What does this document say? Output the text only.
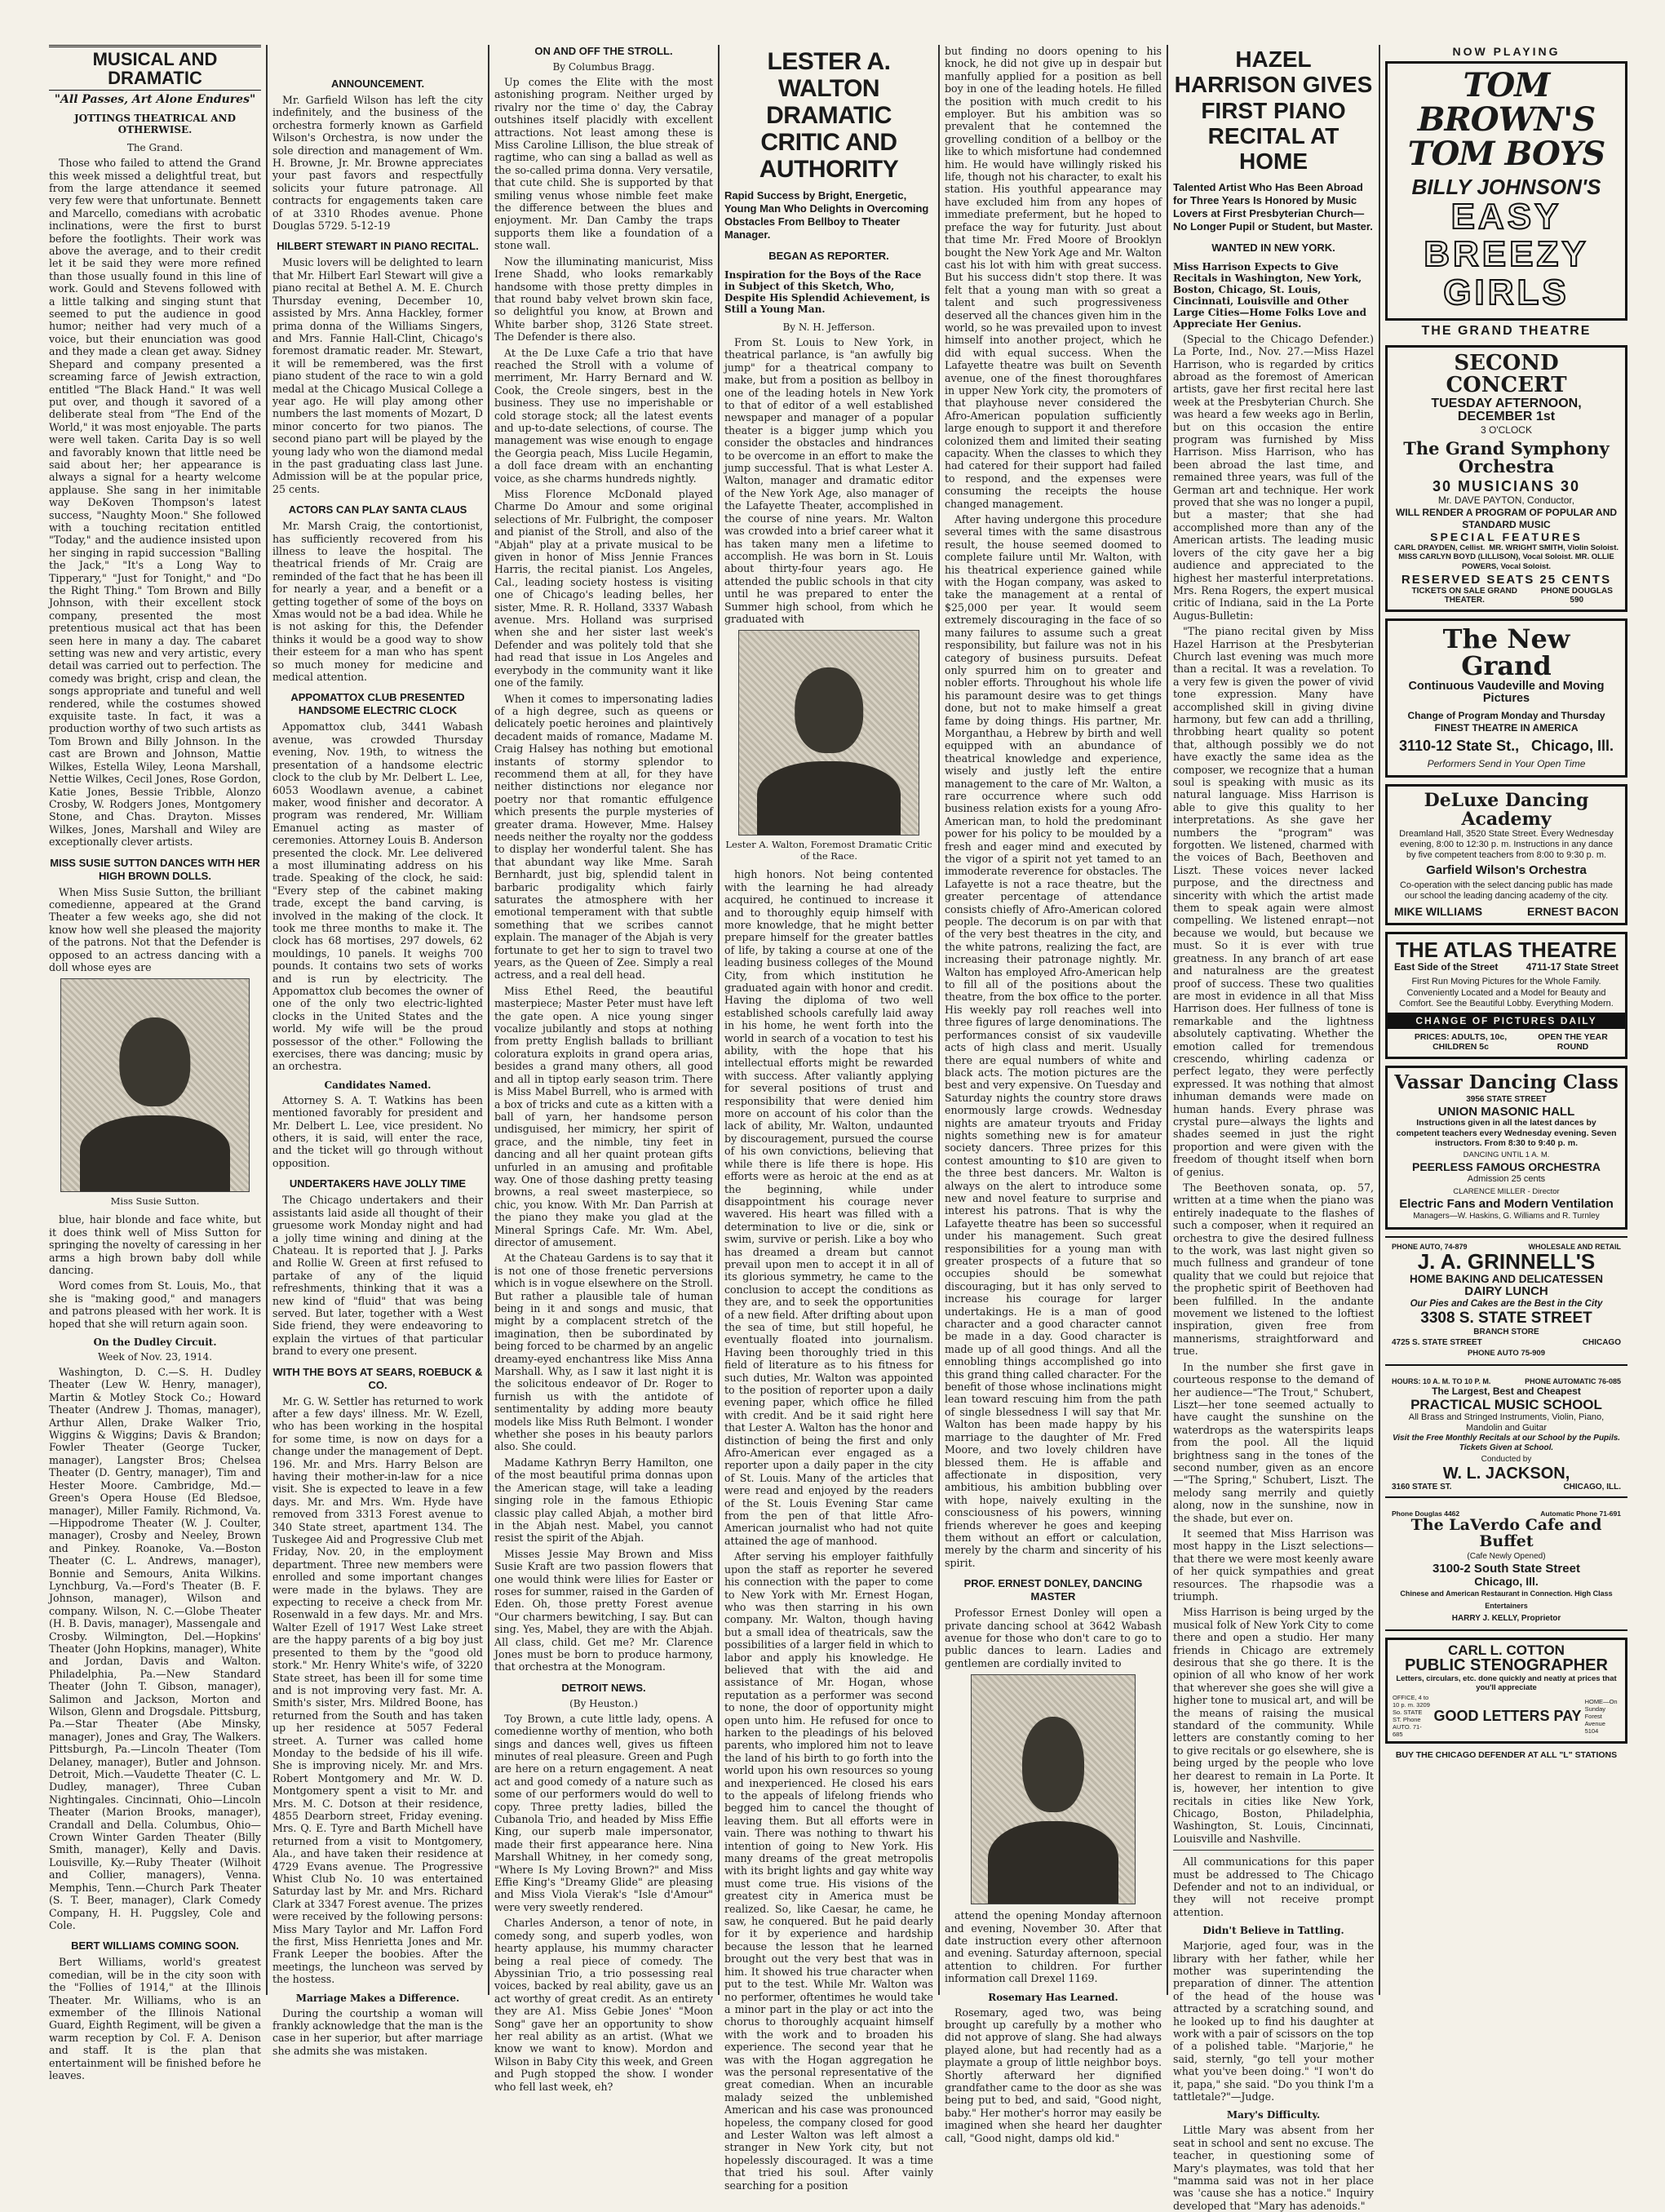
MUSICAL AND DRAMATIC
"All Passes, Art Alone Endures"
JOTTINGS THEATRICAL AND OTHERWISE.
The Grand.

Those who failed to attend the Grand this week missed a delightful treat, but from the large attendance it seemed very few were that unfortunate. Bennett and Marcello, comedians with acrobatic inclinations, were the first to burst before the footlights. Their work was above the average, and to their credit let it be said they were more refined than those usually found in this line of work. Gould and Stevens followed with a little talking and singing stunt that seemed to put the audience in good humor; neither had very much of a voice, but their enunciation was good and they made a clean get away. Sidney Shepard and company presented a screaming farce of Jewish extraction, entitled "The Black Hand." It was well put over, and though it savored of a deliberate steal from "The End of the World," it was most enjoyable. The parts were well taken. Carita Day is so well and favorably known that little need be said about her; her appearance is always a signal for a hearty welcome applause. She sang in her inimitable way DeKoven Thompson's latest success, "Naughty Moon." She followed with a touching recitation entitled "Today," and the audience insisted upon her singing in rapid succession "Balling the Jack," "It's a Long Way to Tipperary," "Just for Tonight," and "Do the Right Thing." Tom Brown and Billy Johnson, with their excellent stock company, presented the most pretentious musical act that has been seen here in many a day. The cabaret setting was new and very artistic, every detail was carried out to perfection. The comedy was bright, crisp and clean, the songs appropriate and tuneful and well rendered, while the costumes showed exquisite taste. In fact, it was a production worthy of two such artists as Tom Brown and Billy Johnson. In the cast are Brown and Johnson, Mattie Wilkes, Estella Wiley, Leona Marshall, Nettie Wilkes, Cecil Jones, Rose Gordon, Katie Jones, Bessie Tribble, Alonzo Crosby, W. Rodgers Jones, Montgomery Stone, and Chas. Drayton. Misses Wilkes, Jones, Marshall and Wiley are exceptionally clever artists.

MISS SUSIE SUTTON DANCES WITH HER HIGH BROWN DOLLS.

When Miss Susie Sutton, the brilliant comedienne, appeared at the Grand Theater a few weeks ago, she did not know how well she pleased the majority of the patrons. Not that the Defender is opposed to an actress dancing with a doll whose eyes are

Miss Susie Sutton.

blue, hair blonde and face white, but it does think well of Miss Sutton for springing the novelty of caressing in her arms a high brown baby doll while dancing.

Word comes from St. Louis, Mo., that she is "making good," and managers and patrons pleased with her work. It is hoped that she will return again soon.

On the Dudley Circuit.
Week of Nov. 23, 1914.

Washington, D. C.—S. H. Dudley Theater (Lew W. Henry, manager), Martin & Motley Stock Co.; Howard Theater (Andrew J. Thomas, manager), Arthur Allen, Drake Walker Trio, Wiggins & Wiggins; Davis & Brandon; Fowler Theater (George Tucker, manager), Langster Bros; Chelsea Theater (D. Gentry, manager), Tim and Hester Moore. Cambridge, Md.—Green's Opera House (Ed Bledsoe, manager), Miller Family. Richmond, Va.—Hippodrome Theater (W. J. Coulter, manager), Crosby and Neeley, Brown and Pinkey. Roanoke, Va.—Boston Theater (C. L. Andrews, manager), Bonnie and Semours, Anita Wilkins. Lynchburg, Va.—Ford's Theater (B. F. Johnson, manager), Wilson and company. Wilson, N. C.—Globe Theater (H. B. Davis, manager), Massengale and Crosby. Wilmington, Del.—Hopkins' Theater (John Hopkins, manager), White and Jordan, Davis and Walton. Philadelphia, Pa.—New Standard Theater (John T. Gibson, manager), Salimon and Jackson, Morton and Wilson, Glenn and Drogsdale. Pittsburg, Pa.—Star Theater (Abe Minsky, manager), Jones and Gray, The Walkers. Pittsburgh, Pa.—Lincoln Theater (Tom Delaney, manager), Butler and Johnson. Detroit, Mich.—Vaudette Theater (C. L. Dudley, manager), Three Cuban Nightingales. Cincinnati, Ohio—Lincoln Theater (Marion Brooks, manager), Crandall and Della. Columbus, Ohio—Crown Winter Garden Theater (Billy Smith, manager), Kelly and Davis. Louisville, Ky.—Ruby Theater (Wilhoit and Collier, managers), Venna. Memphis, Tenn.—Church Park Theater (S. T. Beer, manager), Clark Comedy Company, H. H. Puggsley, Cole and Cole.

BERT WILLIAMS COMING SOON.

Bert Williams, world's greatest comedian, will be in the city soon with the "Follies of 1914," at the Illinois Theater. Mr. Williams, who is an exmember of the Illinois National Guard, Eighth Regiment, will be given a warm reception by Col. F. A. Denison and staff. It is the plan that entertainment will be finished before he leaves.

ANNOUNCEMENT.

Mr. Garfield Wilson has left the city indefinitely, and the business of the orchestra formerly known as Garfield Wilson's Orchestra, is now under the sole direction and management of Wm. H. Browne, Jr. Mr. Browne appreciates your past favors and respectfully solicits your future patronage. All contracts for engagements taken care of at 3310 Rhodes avenue. Phone Douglas 5729. 5-12-19

HILBERT STEWART IN PIANO RECITAL.

Music lovers will be delighted to learn that Mr. Hilbert Earl Stewart will give a piano recital at Bethel A. M. E. Church Thursday evening, December 10, assisted by Mrs. Anna Hackley, former prima donna of the Williams Singers, and Mrs. Fannie Hall-Clint, Chicago's foremost dramatic reader. Mr. Stewart, it will be remembered, was the first piano student of the race to win a gold medal at the Chicago Musical College a year ago. He will play among other numbers the last moments of Mozart, D minor concerto for two pianos. The second piano part will be played by the young lady who won the diamond medal in the past graduating class last June. Admission will be at the popular price, 25 cents.

ACTORS CAN PLAY SANTA CLAUS

Mr. Marsh Craig, the contortionist, has sufficiently recovered from his illness to leave the hospital. The theatrical friends of Mr. Craig are reminded of the fact that he has been ill for nearly a year, and a benefit or a getting together of some of the boys on Xmas would not be a bad idea. While he is not asking for this, the Defender thinks it would be a good way to show their esteem for a man who has spent so much money for medicine and medical attention.

APPOMATTOX CLUB PRESENTED HANDSOME ELECTRIC CLOCK

Appomattox club, 3441 Wabash avenue, was crowded Thursday evening, Nov. 19th, to witness the presentation of a handsome electric clock to the club by Mr. Delbert L. Lee, 6053 Woodlawn avenue, a cabinet maker, wood finisher and decorator. A program was rendered, Mr. William Emanuel acting as master of ceremonies. Attorney Louis B. Anderson presented the clock. Mr. Lee delivered a most illuminating address on his trade. Speaking of the clock, he said: "Every step of the cabinet making trade, except the band carving, is involved in the making of the clock. It took me three months to make it. The clock has 68 mortises, 297 dowels, 62 mouldings, 10 panels. It weighs 700 pounds. It contains two sets of works and is run by electricity. The Appomattox club becomes the owner of one of the only two electric-lighted clocks in the United States and the world. My wife will be the proud possessor of the other." Following the exercises, there was dancing; music by an orchestra.

Candidates Named.

Attorney S. A. T. Watkins has been mentioned favorably for president and Mr. Delbert L. Lee, vice president. No others, it is said, will enter the race, and the ticket will go through without opposition.

UNDERTAKERS HAVE JOLLY TIME

The Chicago undertakers and their assistants laid aside all thought of their gruesome work Monday night and had a jolly time wining and dining at the Chateau. It is reported that J. J. Parks and Rollie W. Green at first refused to partake of any of the liquid refreshments, thinking that it was a new kind of "fluid" that was being served. But later, together with a West Side friend, they were endeavoring to explain the virtues of that particular brand to every one present.

WITH THE BOYS AT SEARS, ROEBUCK & CO.

Mr. G. W. Settler has returned to work after a few days' illness. Mr. W. Ezell, who has been working in the hospital for some time, is now on days for a change under the management of Dept. 196. Mr. and Mrs. Harry Belson are having their mother-in-law for a nice visit. She is expected to leave in a few days. Mr. and Mrs. Wm. Hyde have removed from 3313 Forest avenue to 340 State street, apartment 134. The Tuskegee Aid and Progressive Club met Friday, Nov. 20, in the employment department. Three new members were enrolled and some important changes were made in the bylaws. They are expecting to receive a check from Mr. Rosenwald in a few days. Mr. and Mrs. Walter Ezell of 1917 West Lake street are the happy parents of a big boy just presented to them by the "good old stork." Mr. Henry White's wife, of 3220 State street, has been ill for some time and is not improving very fast. Mr. A. Smith's sister, Mrs. Mildred Boone, has returned from the South and has taken up her residence at 5057 Federal street. A. Turner was called home Monday to the bedside of his ill wife. She is improving nicely. Mr. and Mrs. Robert Montgomery and Mr. W. D. Montgomery spent a visit to Mr. and Mrs. M. C. Dotson at their residence, 4855 Dearborn street, Friday evening. Mrs. Q. E. Tyre and Barth Michell have returned from a visit to Montgomery, Ala., and have taken their residence at 4729 Evans avenue. The Progressive Whist Club No. 10 was entertained Saturday last by Mr. and Mrs. Richard Clark at 3347 Forest avenue. The prizes were received by the following persons: Miss Mary Taylor and Mr. Laffon Ford the first, Miss Henrietta Jones and Mr. Frank Leeper the boobies. After the meetings, the luncheon was served by the hostess.

Marriage Makes a Difference.

During the courtship a woman will frankly acknowledge that the man is the case in her superior, but after marriage she admits she was mistaken.

ON AND OFF THE STROLL.
By Columbus Bragg.

Up comes the Elite with the most astonishing program. Neither urged by rivalry nor the time o' day, the Cabray outshines itself placidly with excellent attractions. Not least among these is Miss Caroline Lillison, the blue streak of ragtime, who can sing a ballad as well as the so-called prima donna. Very versatile, that cute child. She is supported by that smiling venus whose nimble feet make the difference between the blues and enjoyment. Mr. Dan Camby the traps supports them like a foundation of a stone wall.

Now the illuminating manicurist, Miss Irene Shadd, who looks remarkably handsome with those pretty dimples in that round baby velvet brown skin face, so delightful you know, at Brown and White barber shop, 3126 State street. The Defender is there also.

At the De Luxe Cafe a trio that have reached the Stroll with a volume of merriment, Mr. Harry Bernard and W. Cook, the Creole singers, best in the business. They use no imperishable or cold storage stock; all the latest events and up-to-date selections, of course. The management was wise enough to engage the Georgia peach, Miss Lucile Hegamin, a doll face dream with an enchanting voice, as she charms hundreds nightly.

Miss Florence McDonald played Charme Do Amour and some original selections of Mr. Fulbright, the composer and pianist of the Stroll, and also of the "Abjah" play at a private musical to be given in honor of Miss Jennie Frances Harris, the recital pianist. Los Angeles, Cal., leading society hostess is visiting one of Chicago's leading belles, her sister, Mme. R. R. Holland, 3337 Wabash avenue. Mrs. Holland was surprised when she and her sister last week's Defender and was politely told that she had read that issue in Los Angeles and everybody in the community want it like one of the family.

When it comes to impersonating ladies of a high degree, such as queens or delicately poetic heroines and plaintively decadent maids of romance, Madame M. Craig Halsey has nothing but emotional instants of stormy splendor to recommend them at all, for they have neither distinctions nor elegance nor poetry nor that romantic effulgence which presents the purple mysteries of greater drama. However, Mme. Halsey needs neither the royalty nor the goddess to display her wonderful talent. She has that abundant way like Mme. Sarah Bernhardt, just big, splendid talent in barbaric prodigality which fairly saturates the atmosphere with her emotional temperament with that subtle something that we scribes cannot explain. The manager of the Abjah is very fortunate to get her to sign to travel two years, as the Queen of Zee. Simply a real actress, and a real dell head.

Miss Ethel Reed, the beautiful masterpiece; Master Peter must have left the gate open. A nice young singer vocalize jubilantly and stops at nothing from pretty English ballads to brilliant coloratura exploits in grand opera arias, besides a grand many others, all good and all in tiptop early season trim. There is Miss Mabel Burrell, who is armed with a box of tricks and cute as a kitten with a ball of yarn, her handsome person undisguised, her mimicry, her spirit of grace, and the nimble, tiny feet in dancing and all her quaint protean gifts unfurled in an amusing and profitable way. One of those dashing pretty teasing browns, a real sweet masterpiece, so chic, you know. With Mr. Dan Parrish at the piano they make you glad at the Mineral Springs Cafe. Mr. Wm. Abel, director of amusement.

At the Chateau Gardens is to say that it is not one of those frenetic perversions which is in vogue elsewhere on the Stroll. But rather a plausible tale of human being in it and songs and music, that might by a complacent stretch of the imagination, then be subordinated by being forced to be charmed by an angelic dreamy-eyed enchantress like Miss Anna Marshall. Why, as I saw it last night it is the solicitous endeavor of Dr. Roger to furnish us with the antidote of sentimentality by adding more beauty models like Miss Ruth Belmont. I wonder whether she poses in his beauty parlors also. She could.

Madame Kathryn Berry Hamilton, one of the most beautiful prima donnas upon the American stage, will take a leading singing role in the famous Ethiopic classic play called Abjah, a mother bird in the Abjah nest. Mabel, you cannot resist the spirit of the Abjah.

Misses Jessie May Brown and Miss Susie Kraft are two passion flowers that one would think were lilies for Easter or roses for summer, raised in the Garden of Eden. Oh, those pretty Forest avenue "Our charmers bewitching, I say. But can sing. Yes, Mabel, they are with the Abjah. All class, child. Get me? Mr. Clarence Jones must be born to produce harmony, that orchestra at the Monogram.

DETROIT NEWS.
(By Heuston.)

Toy Brown, a cute little lady, opens. A comedienne worthy of mention, who both sings and dances well, gives us fifteen minutes of real pleasure. Green and Pugh are here on a return engagement. A neat act and good comedy of a nature such as some of our performers would do well to copy. Three pretty ladies, billed the Cubanola Trio, and headed by Miss Effie King, our superb male impersonator, made their first appearance here. Nina Marshall Whitney, in her comedy song, "Where Is My Loving Brown?" and Miss Effie King's "Dreamy Glide" are pleasing and Miss Viola Vierak's "Isle d'Amour" were very sweetly rendered.

Charles Anderson, a tenor of note, in comedy song, and superb yodles, won hearty applause, his mummy character being a real piece of comedy. The Abyssinian Trio, a trio possessing real voices, backed by real ability, gave us an act worthy of great credit. As an entirety they are A1. Miss Gebie Jones' "Moon Song" gave her an opportunity to show her real ability as an artist. (What we know we want to know). Mordon and Wilson in Baby City this week, and Green and Pugh stopped the show. I wonder who fell last week, eh?

LESTER A. WALTON DRAMATIC CRITIC AND AUTHORITY
Rapid Success by Bright, Energetic, Young Man Who Delights in Overcoming Obstacles From Bellboy to Theater Manager.
BEGAN AS REPORTER.
Inspiration for the Boys of the Race in Subject of this Sketch, Who, Despite His Splendid Achievement, is Still a Young Man.
By N. H. Jefferson.

From St. Louis to New York, in theatrical parlance, is "an awfully big jump" for a theatrical company to make, but from a position as bellboy in one of the leading hotels in New York to that of editor of a well established newspaper and manager of a popular theater is a bigger jump which you consider the obstacles and hindrances to be overcome in an effort to make the jump successful. That is what Lester A. Walton, manager and dramatic editor of the New York Age, also manager of the Lafayette Theater, accomplished in the course of nine years. Mr. Walton was crowded into a brief career what it has taken many men a lifetime to accomplish. He was born in St. Louis about thirty-four years ago. He attended the public schools in that city until he was prepared to enter the Summer high school, from which he graduated with

Lester A. Walton, Foremost Dramatic Critic of the Race.

high honors. Not being contented with the learning he had already acquired, he continued to increase it and to thoroughly equip himself with more knowledge, that he might better prepare himself for the greater battles of life, by taking a course at one of the leading business colleges of the Mound City, from which institution he graduated again with honor and credit. Having the diploma of two well established schools carefully laid away in his home, he went forth into the world in search of a vocation to test his ability, with the hope that his intellectual efforts might be rewarded with success. After valiantly applying for several positions of trust and responsibility that were denied him more on account of his color than the lack of ability, Mr. Walton, undaunted by discouragement, pursued the course of his own convictions, believing that while there is life there is hope. His efforts were as heroic at the end as at the beginning, while under disappointment his courage never wavered. His heart was filled with a determination to live or die, sink or swim, survive or perish. Like a boy who has dreamed a dream but cannot prevail upon men to accept it in all of its glorious symmetry, he came to the conclusion to accept the conditions as they are, and to seek the opportunities of a new field. After drifting about upon the sea of time, but still hopeful, he eventually floated into journalism. Having been thoroughly tried in this field of literature as to his fitness for such duties, Mr. Walton was appointed to the position of reporter upon a daily evening paper, which office he filled with credit. And be it said right here that Lester A. Walton has the honor and distinction of being the first and only Afro-American ever engaged as a reporter upon a daily paper in the city of St. Louis. Many of the articles that were read and enjoyed by the readers of the St. Louis Evening Star came from the pen of that little Afro-American journalist who had not quite attained the age of manhood.

After serving his employer faithfully upon the staff as reporter he severed his connection with the paper to come to New York with Mr. Ernest Hogan, who was then starring in his own company. Mr. Walton, though having but a small idea of theatricals, saw the possibilities of a larger field in which to labor and apply his knowledge. He believed that with the aid and assistance of Mr. Hogan, whose reputation as a performer was second to none, the door of opportunity might open unto him. He refused for once to harken to the pleadings of his beloved parents, who implored him not to leave the land of his birth to go forth into the world upon his own resources so young and inexperienced. He closed his ears to the appeals of lifelong friends who begged him to cancel the thought of leaving them. But all efforts were in vain. There was nothing to thwart his intention of going to New York. His many dreams of the great metropolis with its bright lights and gay white way must come true. His visions of the greatest city in America must be realized. So, like Caesar, he came, he saw, he conquered. But he paid dearly for it by experience and hardship because the lesson that he learned brought out the very best that was in him. It showed his true character when put to the test. While Mr. Walton was no performer, oftentimes he would take a minor part in the play or act into the chorus to thoroughly acquaint himself with the work and to broaden his experience. The second year that he was with the Hogan aggregation he was the personal representative of the great comedian. When an incurable malady seized the unblemished American and his case was pronounced hopeless, the company closed for good and Lester Walton was left almost a stranger in New York city, but not hopelessly discouraged. It was a time that tried his soul. After vainly searching for a position

but finding no doors opening to his knock, he did not give up in despair but manfully applied for a position as bell boy in one of the leading hotels. He filled the position with much credit to his employer. But his ambition was so prevalent that he contemned the grovelling condition of a bellboy or the like to which misfortune had condemned him. He would have willingly risked his life, though not his character, to exalt his station. His youthful appearance may have excluded him from any hopes of immediate preferment, but he hoped to preface the way for futurity. Just about that time Mr. Fred Moore of Brooklyn bought the New York Age and Mr. Walton cast his lot with him with great success. But his success didn't stop there. It was felt that a young man with so great a talent and such progressiveness deserved all the chances given him in the world, so he was prevailed upon to invest himself into another project, which he did with equal success. When the Lafayette theatre was built on Seventh avenue, one of the finest thoroughfares in upper New York city, the promoters of that playhouse never considered the Afro-American population sufficiently large enough to support it and therefore colonized them and limited their seating capacity. When the classes to which they had catered for their support had failed to respond, and the expenses were consuming the receipts the house changed management.

After having undergone this procedure several times with the same disastrous result, the house seemed doomed to complete failure until Mr. Walton, with his theatrical experience gained while with the Hogan company, was asked to take the management at a rental of $25,000 per year. It would seem extremely discouraging in the face of so many failures to assume such a great responsibility, but failure was not in his category of business pursuits. Defeat only spurred him on to greater and nobler efforts. Throughout his whole life his paramount desire was to get things done, but not to make himself a great fame by doing things. His partner, Mr. Morganthau, a Hebrew by birth and well equipped with an abundance of theatrical knowledge and experience, wisely and justly left the entire management to the care of Mr. Walton, a rare occurrence where such odd business relation exists for a young Afro-American man, to hold the predominant power for his policy to be moulded by a fresh and eager mind and executed by the vigor of a spirit not yet tamed to an immoderate reverence for obstacles. The Lafayette is not a race theatre, but the greater percentage of attendance consists chiefly of Afro-American colored people. The decorum is on par with that of the very best theatres in the city, and the white patrons, realizing the fact, are increasing their patronage nightly. Mr. Walton has employed Afro-American help to fill all of the positions about the theatre, from the box office to the porter. His weekly pay roll reaches well into three figures of large denominations. The performances consist of six vaudeville acts of high class and merit. Usually there are equal numbers of white and black acts. The motion pictures are the best and very expensive. On Tuesday and Saturday nights the country store draws enormously large crowds. Wednesday nights are amateur tryouts and Friday nights something new is for amateur society dancers. Three prizes for this contest amounting to $10 are given to the three best dancers. Mr. Walton is always on the alert to introduce some new and novel feature to surprise and interest his patrons. That is why the Lafayette theatre has been so successful under his management. Such great responsibilities for a young man with greater prospects of a future that so occupies should be somewhat discouraging, but it has only served to increase his courage for larger undertakings. He is a man of good character and a good character cannot be made in a day. Good character is made up of all good things. And all the ennobling things accomplished go into this grand thing called character. For the benefit of those whose inclinations might lean toward rescuing him from the path of single blessedness I will say that Mr. Walton has been made happy by his marriage to the daughter of Mr. Fred Moore, and two lovely children have blessed them. He is affable and affectionate in disposition, very ambitious, his ambition bubbling over with hope, naively exulting in the consciousness of his powers, winning friends wherever he goes and keeping them without an effort or calculation, merely by the charm and sincerity of his spirit.

PROF. ERNEST DONLEY, DANCING MASTER

Professor Ernest Donley will open a private dancing school at 3642 Wabash avenue for those who don't care to go to public dances to learn. Ladies and gentlemen are cordially invited to

attend the opening Monday afternoon and evening, November 30. After that date instruction every other afternoon and evening. Saturday afternoon, special attention to children. For further information call Drexel 1169.

Rosemary Has Learned.

Rosemary, aged two, was being brought up carefully by a mother who did not approve of slang. She had always played alone, but had recently had as a playmate a group of little neighbor boys. Shortly afterward her dignified grandfather came to the door as she was being put to bed, and said, "Good night, baby." Her mother's horror may easily be imagined when she heard her daughter call, "Good night, damps old kid."

HAZEL HARRISON GIVES FIRST PIANO RECITAL AT HOME
Talented Artist Who Has Been Abroad for Three Years Is Honored by Music Lovers at First Presbyterian Church—No Longer Pupil or Student, but Master.
WANTED IN NEW YORK.
Miss Harrison Expects to Give Recitals in Washington, New York, Boston, Chicago, St. Louis, Cincinnati, Louisville and Other Large Cities—Home Folks Love and Appreciate Her Genius.

(Special to the Chicago Defender.) La Porte, Ind., Nov. 27.—Miss Hazel Harrison, who is regarded by critics abroad as the foremost of American artists, gave her first recital here last week at the Presbyterian Church. She was heard a few weeks ago in Berlin, but on this occasion the entire program was furnished by Miss Harrison. Miss Harrison, who has been abroad the last time, and remained three years, was full of the German art and technique. Her work proved that she was no longer a pupil, but a master; that she had accomplished more than any of the American artists. The leading music lovers of the city gave her a big audience and appreciated to the highest her masterful interpretations. Mrs. Rena Rogers, the expert musical critic of Indiana, said in the La Porte Augus-Bulletin:

"The piano recital given by Miss Hazel Harrison at the Presbyterian Church last evening was much more than a recital. It was a revelation. To a very few is given the power of vivid tone expression. Many have accomplished skill in giving divine harmony, but few can add a thrilling, throbbing heart quality so potent that, although possibly we do not have exactly the same idea as the composer, we recognize that a human soul is speaking with music as its natural language. Miss Harrison is able to give this quality to her interpretations. As she gave her numbers the "program" was forgotten. We listened, charmed with the voices of Bach, Beethoven and Liszt. These voices never lacked purpose, and the directness and sincerity with which the artist made them to speak again were almost compelling. We listened enrapt—not because we would, but because we must. So it is ever with true greatness. In any branch of art ease and naturalness are the greatest proof of success. These two qualities are most in evidence in all that Miss Harrison does. Her fullness of tone is remarkable and the lightness absolutely captivating. Whether the emotion called for tremendous crescendo, whirling cadenza or perfect legato, they were perfectly expressed. It was nothing that almost inhuman demands were made on human hands. Every phrase was crystal pure—always the lights and shades seemed in just the right proportion and were given with the freedom of thought itself when born of genius.

The Beethoven sonata, op. 57, written at a time when the piano was entirely inadequate to the flashes of such a composer, when it required an orchestra to give the desired fullness to the work, was last night given so much fullness and grandeur of tone quality that we could but rejoice that the prophetic spirit of Beethoven had been fulfilled. In the andante movement we listened to the loftiest inspiration, given free from mannerisms, straightforward and true.

In the number she first gave in courteous response to the demand of her audience—"The Trout," Schubert, Liszt—her tone seemed actually to have caught the sunshine on the waterdrops as the waterspirits leaps from the pool. All the liquid brightness sang in the tones of the second number, given as an encore—"The Spring," Schubert, Liszt. The melody sang merrily and quietly along, now in the sunshine, now in the shade, but ever on.

It seemed that Miss Harrison was most happy in the Liszt selections—that there we were most keenly aware of her quick sympathies and great resources. The rhapsodie was a triumph.

Miss Harrison is being urged by the musical folk of New York City to come there and open a studio. Her many friends in Chicago are extremely desirous that she go there. It is the opinion of all who know of her work that wherever she goes she will give a higher tone to musical art, and will be the means of raising the musical standard of the community. While letters are constantly coming to her to give recitals or go elsewhere, she is being urged by the people who love her dearest to remain in La Porte. It is, however, her intention to give recitals in cities like New York, Chicago, Boston, Philadelphia, Washington, St. Louis, Cincinnati, Louisville and Nashville.

All communications for this paper must be addressed to The Chicago Defender and not to an individual, or they will not receive prompt attention.

Didn't Believe in Tattling.

Marjorie, aged four, was in the library with her father, while her mother was superintending the preparation of dinner. The attention of the head of the house was attracted by a scratching sound, and he looked up to find his daughter at work with a pair of scissors on the top of a polished table. "Marjorie," he said, sternly, "go tell your mother what you've been doing." "I won't do it, papa," she said. "Do you think I'm a tattletale?"—Judge.

Mary's Difficulty.

Little Mary was absent from her seat in school and sent no excuse. The teacher, in questioning some of Mary's playmates, was told that her "mamma said was not in her place was 'cause she has a notice." Inquiry developed that "Mary has adenoids."

NOW PLAYING
TOM BROWN'S
TOM BOYS
BILLY JOHNSON'S
EASY
BREEZY
GIRLS
THE GRAND THEATRE
SECOND CONCERT
TUESDAY AFTERNOON, DECEMBER 1st
3 O'CLOCK
The Grand Symphony Orchestra
30 MUSICIANS 30
Mr. DAVE PAYTON, Conductor,
WILL RENDER A PROGRAM OF POPULAR AND STANDARD MUSIC
SPECIAL FEATURES
CARL DRAYDEN, Cellist. MR. WRIGHT SMITH, Violin Soloist.
MISS CARLYN BOYD (LILLISON), Vocal Soloist. MR. OLLIE POWERS, Vocal Soloist.
RESERVED SEATS 25 CENTS
TICKETS ON SALE GRAND THEATER.
PHONE DOUGLAS 590
The New Grand
Continuous Vaudeville and Moving Pictures
Change of Program Monday and Thursday
FINEST THEATRE IN AMERICA
3110-12 State St., Chicago, Ill.
Performers Send in Your Open Time
DeLuxe Dancing Academy
Dreamland Hall, 3520 State Street. Every Wednesday evening, 8:00 to 12:30 p. m. Instructions in any dance by five competent teachers from 8:00 to 9:30 p. m.
Garfield Wilson's Orchestra
Co-operation with the select dancing public has made our school the leading dancing academy of the city.
MIKE WILLIAMS	ERNEST BACON
THE ATLAS THEATRE
East Side of the Street	4711-17 State Street
First Run Moving Pictures for the Whole Family.
Conveniently Located and a Model for Beauty and Comfort. See the Beautiful Lobby. Everything Modern.
CHANGE OF PICTURES DAILY
PRICES: ADULTS, 10c, CHILDREN 5c
OPEN THE YEAR ROUND
Vassar Dancing Class
3956 STATE STREET
UNION MASONIC HALL
Instructions given in all the latest dances by competent teachers every Wednesday evening. Seven instructors. From 8:30 to 9:40 p. m.
DANCING UNTIL 1 A. M.
PEERLESS FAMOUS ORCHESTRA
Admission 25 cents
CLARENCE MILLER - Director
Electric Fans and Modern Ventilation
Managers—W. Haskins, G. Williams and R. Turnley
PHONE AUTO, 74-879	WHOLESALE AND RETAIL
J. A. GRINNELL'S
HOME BAKING AND DELICATESSEN
DAIRY LUNCH
Our Pies and Cakes are the Best in the City
3308 S. STATE STREET
BRANCH STORE
4725 S. STATE STREET	CHICAGO
PHONE AUTO 75-909
HOURS: 10 A. M. TO 10 P. M.	PHONE AUTOMATIC 76-085
The Largest, Best and Cheapest
PRACTICAL MUSIC SCHOOL
All Brass and Stringed Instruments, Violin, Piano, Mandolin and Guitar
Visit the Free Monthly Recitals at our School by the Pupils. Tickets Given at School.
Conducted by
W. L. JACKSON,
3160 STATE ST.	CHICAGO, ILL.
Phone Douglas 4462	Automatic Phone 71-691
The LaVerdo Cafe and Buffet
(Cafe Newly Opened)
3100-2 South State Street
Chicago, Ill.
Chinese and American Restaurant in Connection. High Class Entertainers
HARRY J. KELLY, Proprietor
CARL L. COTTON
PUBLIC STENOGRAPHER
Letters, circulars, etc. done quickly and neatly at prices that you'll appreciate
OFFICE, 4 to 10 p. m. 3209 So. STATE ST. Phone AUTO. 71-685
GOOD LETTERS PAY
HOME—On Sunday Forest Avenue 5104
BUY THE CHICAGO DEFENDER AT ALL "L" STATIONS
